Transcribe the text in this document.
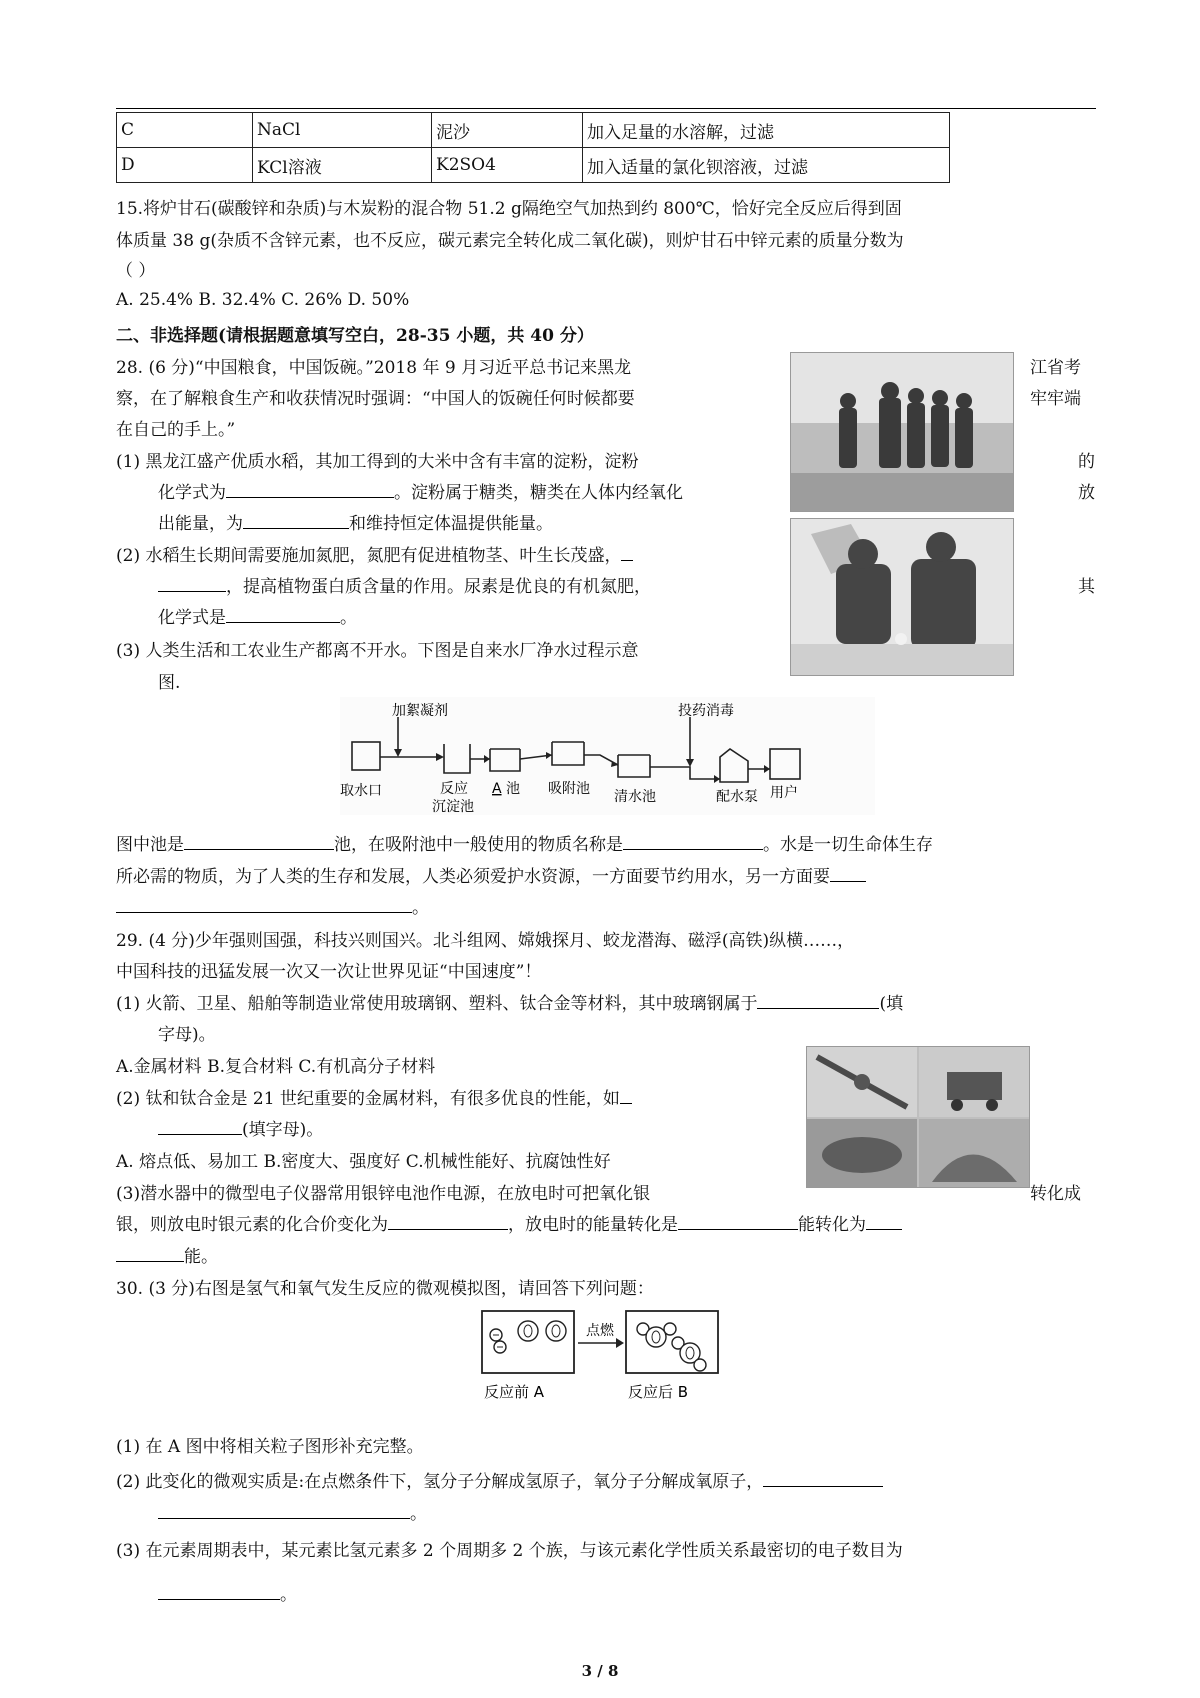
C	NaCl	泥沙	加入足量的水溶解，过滤
D	KCl溶液	K2SO4	加入适量的氯化钡溶液，过滤
15.将炉甘石(碳酸锌和杂质)与木炭粉的混合物 51.2 g隔绝空气加热到约 800℃，恰好完全反应后得到固
体质量 38 g(杂质不含锌元素，也不反应，碳元素完全转化成二氧化碳)，则炉甘石中锌元素的质量分数为
（ ）
A. 25.4% B. 32.4% C. 26% D. 50%
二、非选择题(请根据题意填写空白，28-35 小题，共 40 分）
28. (6 分)“中国粮食，中国饭碗。”2018 年 9 月习近平总书记来黑龙	江省考
察，在了解粮食生产和收获情况时强调：“中国人的饭碗任何时候都要	牢牢端
在自己的手上。”
(1) 黑龙江盛产优质水稻，其加工得到的大米中含有丰富的淀粉，淀粉	的
化学式为	。淀粉属于糖类，糖类在人体内经氧化	放
出能量，为	和维持恒定体温提供能量。
(2) 水稻生长期间需要施加氮肥，氮肥有促进植物茎、叶生长茂盛，
，提高植物蛋白质含量的作用。尿素是优良的有机氮肥，	其
化学式是	。
(3) 人类生活和工农业生产都离不开水。下图是自来水厂净水过程示意
图.
加絮凝剂	投药消毒
取水口	反应
沉淀池
A 池 吸附池 清水池	配水泵 用户
图中池是	池，在吸附池中一般使用的物质名称是	。水是一切生命体生存
所必需的物质，为了人类的生存和发展，人类必须爱护水资源，一方面要节约用水，另一方面要
。
29. (4 分)少年强则国强，科技兴则国兴。北斗组网、嫦娥探月、蛟龙潜海、磁浮(高铁)纵横……，
中国科技的迅猛发展一次又一次让世界见证“中国速度”！
(1) 火箭、卫星、船舶等制造业常使用玻璃钢、塑料、钛合金等材料，其中玻璃钢属于	(填
字母)。
A.金属材料 B.复合材料 C.有机高分子材料
(2) 钛和钛合金是 21 世纪重要的金属材料，有很多优良的性能，如
(填字母)。
A. 熔点低、易加工 B.密度大、强度好 C.机械性能好、抗腐蚀性好
(3)潜水器中的微型电子仪器常用银锌电池作电源，在放电时可把氧化银	转化成
银，则放电时银元素的化合价变化为	，放电时的能量转化是	能转化为
能。
30. (3 分)右图是氢气和氧气发生反应的微观模拟图，请回答下列问题：
点燃
反应前 A	反应后 B
(1) 在 A 图中将相关粒子图形补充完整。
(2) 此变化的微观实质是:在点燃条件下，氢分子分解成氢原子，氧分子分解成氧原子，
。
(3) 在元素周期表中，某元素比氢元素多 2 个周期多 2 个族，与该元素化学性质关系最密切的电子数目为
。
3 / 8
